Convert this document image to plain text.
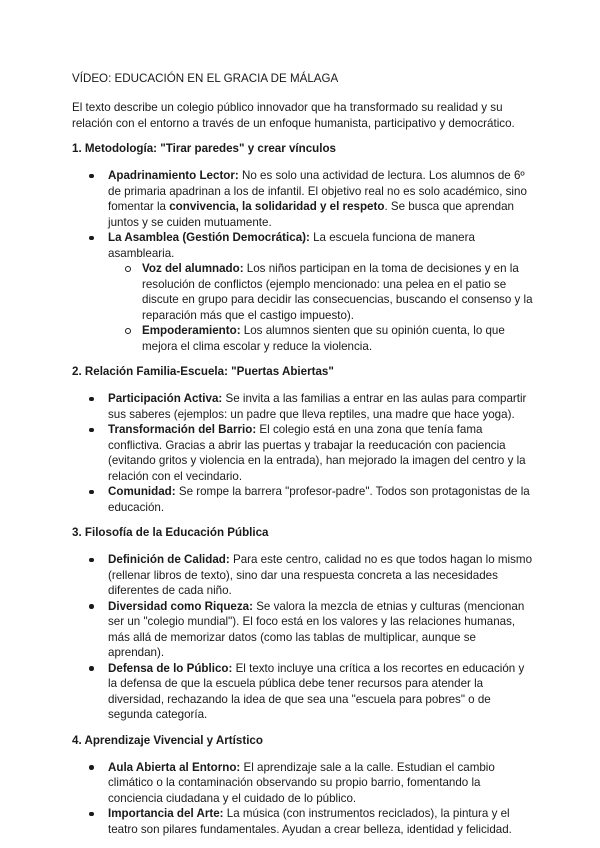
VÍDEO: EDUCACIÓN EN EL GRACIA DE MÁLAGA

El texto describe un colegio público innovador que ha transformado su realidad y su relación con el entorno a través de un enfoque humanista, participativo y democrático.

1. Metodología: "Tirar paredes" y crear vínculos

Apadrinamiento Lector: No es solo una actividad de lectura. Los alumnos de 6º de primaria apadrinan a los de infantil. El objetivo real no es solo académico, sino fomentar la convivencia, la solidaridad y el respeto. Se busca que aprendan juntos y se cuiden mutuamente.
La Asamblea (Gestión Democrática): La escuela funciona de manera asamblearia.
Voz del alumnado: Los niños participan en la toma de decisiones y en la resolución de conflictos (ejemplo mencionado: una pelea en el patio se discute en grupo para decidir las consecuencias, buscando el consenso y la reparación más que el castigo impuesto).
Empoderamiento: Los alumnos sienten que su opinión cuenta, lo que mejora el clima escolar y reduce la violencia.

2. Relación Familia-Escuela: "Puertas Abiertas"

Participación Activa: Se invita a las familias a entrar en las aulas para compartir sus saberes (ejemplos: un padre que lleva reptiles, una madre que hace yoga).
Transformación del Barrio: El colegio está en una zona que tenía fama conflictiva. Gracias a abrir las puertas y trabajar la reeducación con paciencia (evitando gritos y violencia en la entrada), han mejorado la imagen del centro y la relación con el vecindario.
Comunidad: Se rompe la barrera "profesor-padre". Todos son protagonistas de la educación.

3. Filosofía de la Educación Pública

Definición de Calidad: Para este centro, calidad no es que todos hagan lo mismo (rellenar libros de texto), sino dar una respuesta concreta a las necesidades diferentes de cada niño.
Diversidad como Riqueza: Se valora la mezcla de etnias y culturas (mencionan ser un "colegio mundial"). El foco está en los valores y las relaciones humanas, más allá de memorizar datos (como las tablas de multiplicar, aunque se aprendan).
Defensa de lo Público: El texto incluye una crítica a los recortes en educación y la defensa de que la escuela pública debe tener recursos para atender la diversidad, rechazando la idea de que sea una "escuela para pobres" o de segunda categoría.

4. Aprendizaje Vivencial y Artístico

Aula Abierta al Entorno: El aprendizaje sale a la calle. Estudian el cambio climático o la contaminación observando su propio barrio, fomentando la conciencia ciudadana y el cuidado de lo público.
Importancia del Arte: La música (con instrumentos reciclados), la pintura y el teatro son pilares fundamentales. Ayudan a crear belleza, identidad y felicidad.
